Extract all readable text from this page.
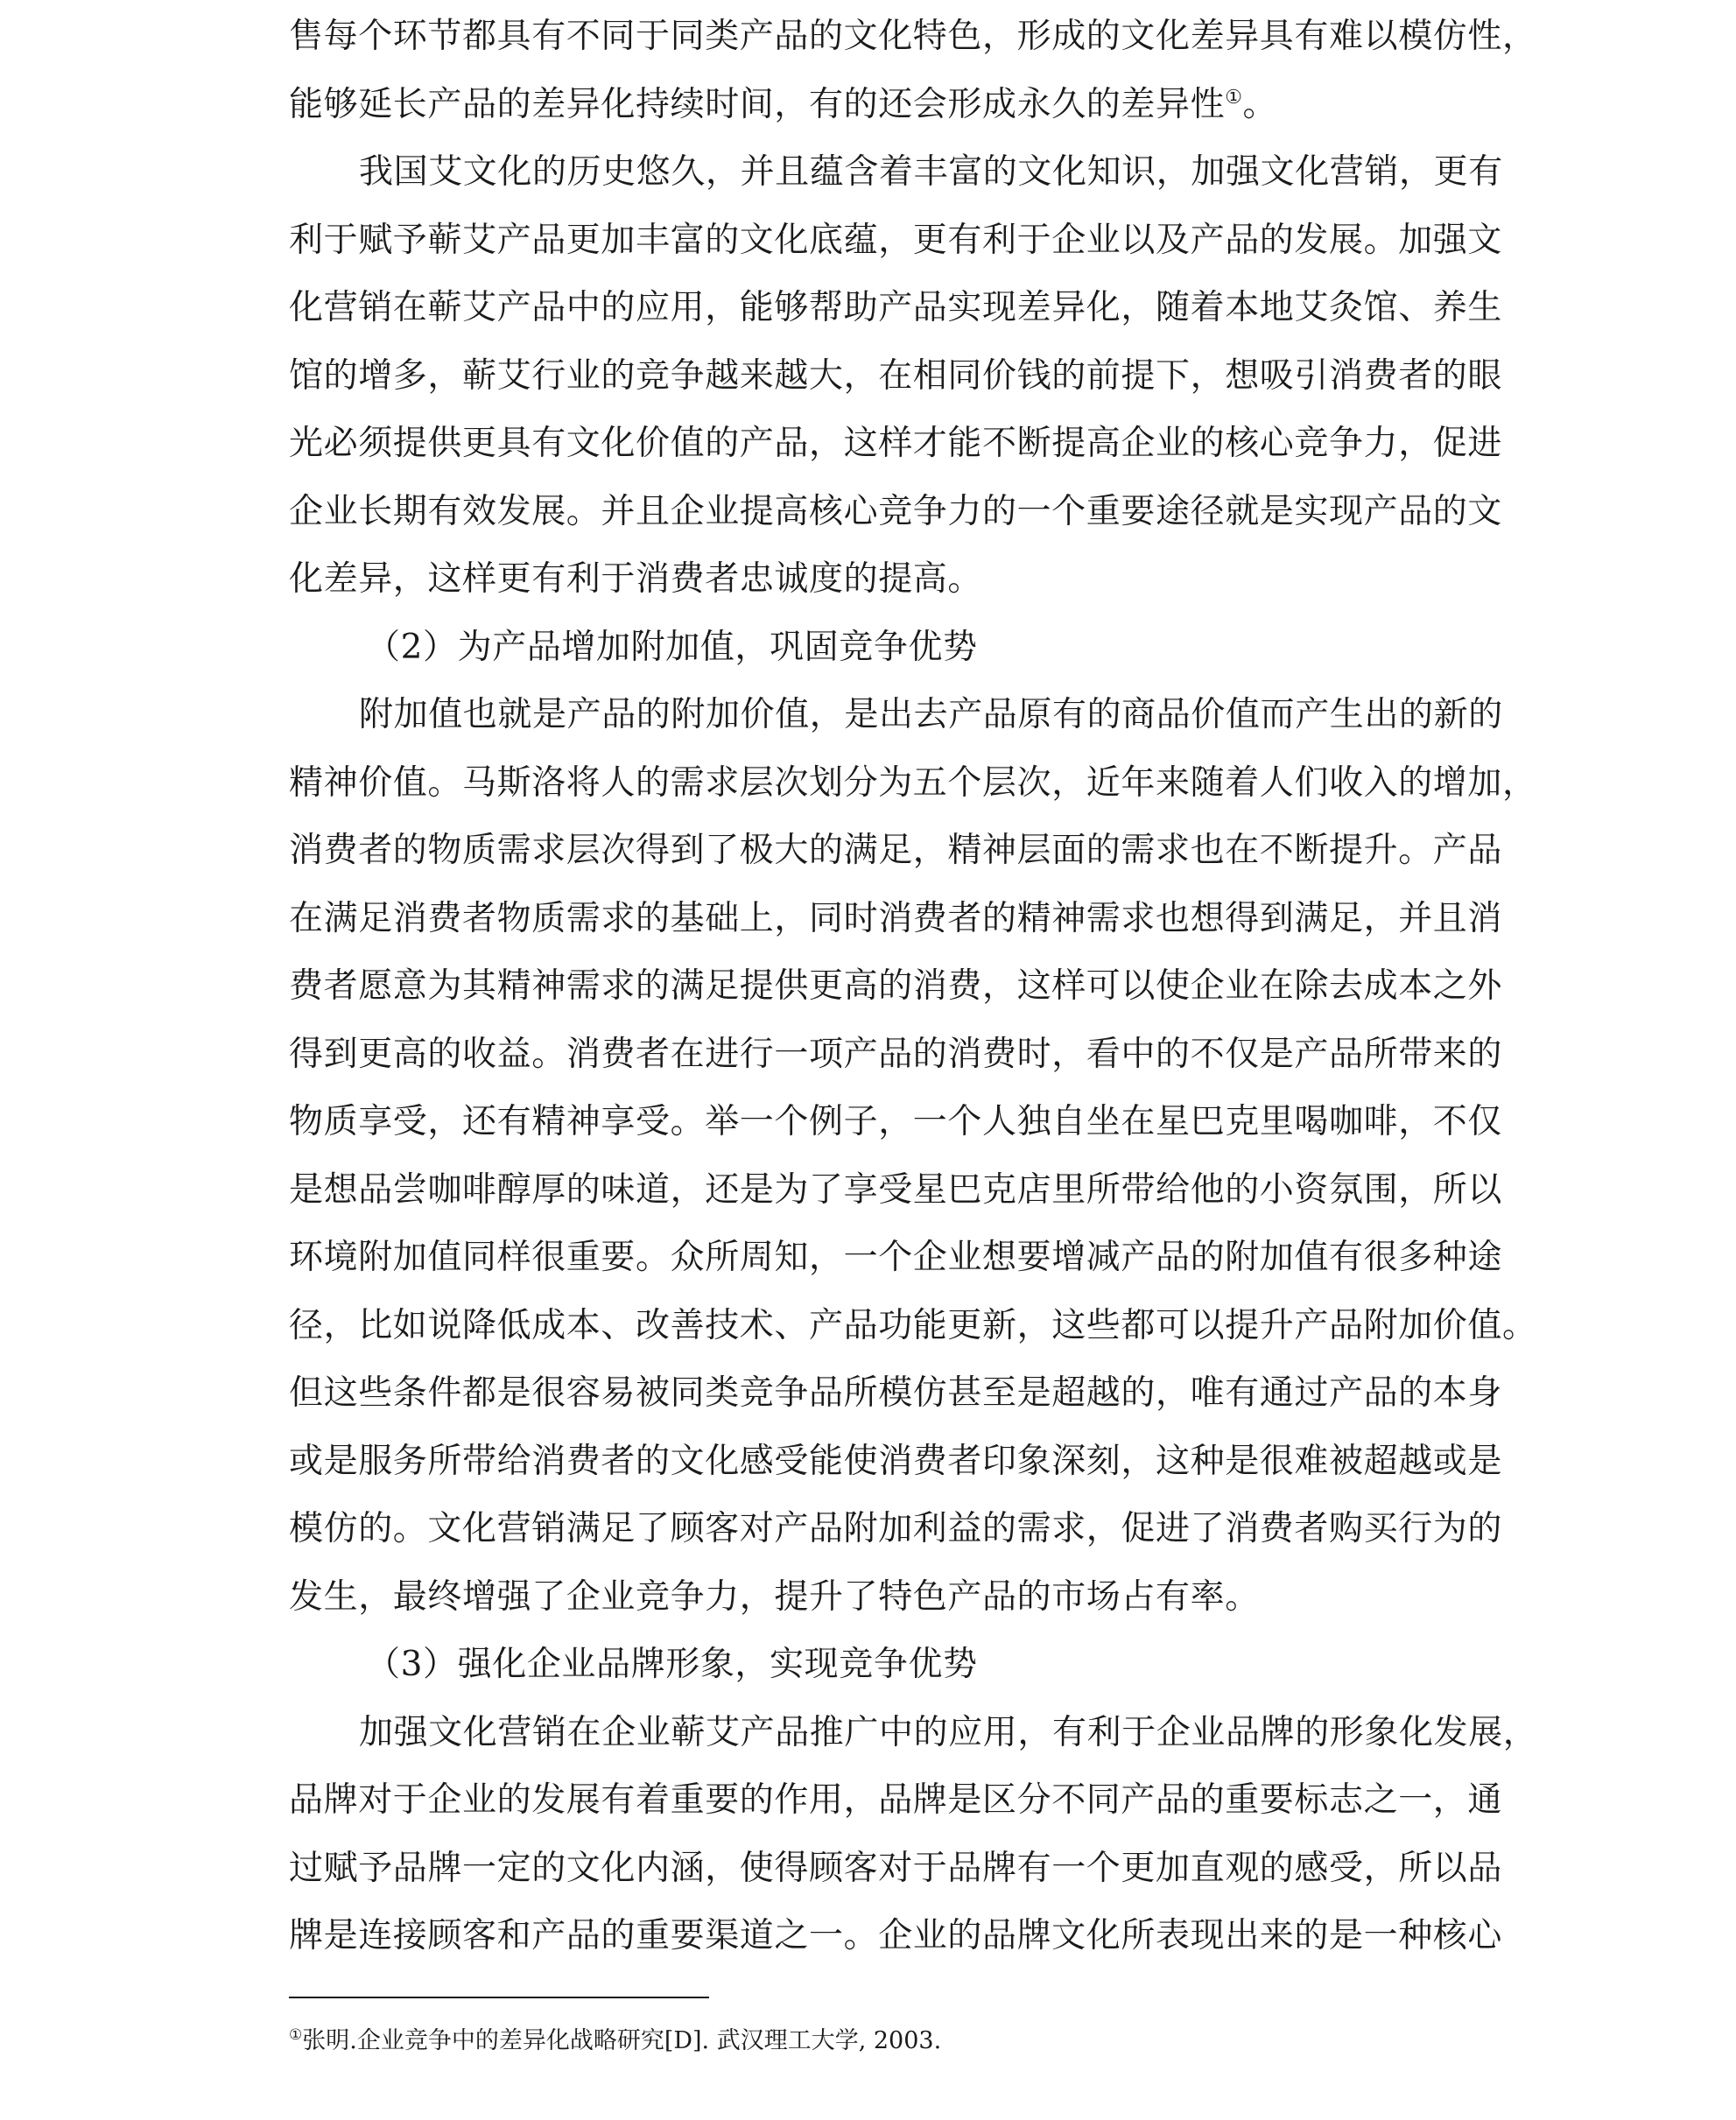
售每个环节都具有不同于同类产品的文化特色，形成的文化差异具有难以模仿性，
能够延长产品的差异化持续时间，有的还会形成永久的差异性①。
我国艾文化的历史悠久，并且蕴含着丰富的文化知识，加强文化营销，更有
利于赋予蕲艾产品更加丰富的文化底蕴，更有利于企业以及产品的发展。加强文
化营销在蕲艾产品中的应用，能够帮助产品实现差异化，随着本地艾灸馆、养生
馆的增多，蕲艾行业的竞争越来越大，在相同价钱的前提下，想吸引消费者的眼
光必须提供更具有文化价值的产品，这样才能不断提高企业的核心竞争力，促进
企业长期有效发展。并且企业提高核心竞争力的一个重要途径就是实现产品的文
化差异，这样更有利于消费者忠诚度的提高。
（2）为产品增加附加值，巩固竞争优势
附加值也就是产品的附加价值，是出去产品原有的商品价值而产生出的新的
精神价值。马斯洛将人的需求层次划分为五个层次，近年来随着人们收入的增加，
消费者的物质需求层次得到了极大的满足，精神层面的需求也在不断提升。产品
在满足消费者物质需求的基础上，同时消费者的精神需求也想得到满足，并且消
费者愿意为其精神需求的满足提供更高的消费，这样可以使企业在除去成本之外
得到更高的收益。消费者在进行一项产品的消费时，看中的不仅是产品所带来的
物质享受，还有精神享受。举一个例子，一个人独自坐在星巴克里喝咖啡，不仅
是想品尝咖啡醇厚的味道，还是为了享受星巴克店里所带给他的小资氛围，所以
环境附加值同样很重要。众所周知，一个企业想要增减产品的附加值有很多种途
径，比如说降低成本、改善技术、产品功能更新，这些都可以提升产品附加价值。
但这些条件都是很容易被同类竞争品所模仿甚至是超越的，唯有通过产品的本身
或是服务所带给消费者的文化感受能使消费者印象深刻，这种是很难被超越或是
模仿的。文化营销满足了顾客对产品附加利益的需求，促进了消费者购买行为的
发生，最终增强了企业竞争力，提升了特色产品的市场占有率。
（3）强化企业品牌形象，实现竞争优势
加强文化营销在企业蕲艾产品推广中的应用，有利于企业品牌的形象化发展，
品牌对于企业的发展有着重要的作用，品牌是区分不同产品的重要标志之一，通
过赋予品牌一定的文化内涵，使得顾客对于品牌有一个更加直观的感受，所以品
牌是连接顾客和产品的重要渠道之一。企业的品牌文化所表现出来的是一种核心
①张明.企业竞争中的差异化战略研究[D]. 武汉理工大学, 2003.
